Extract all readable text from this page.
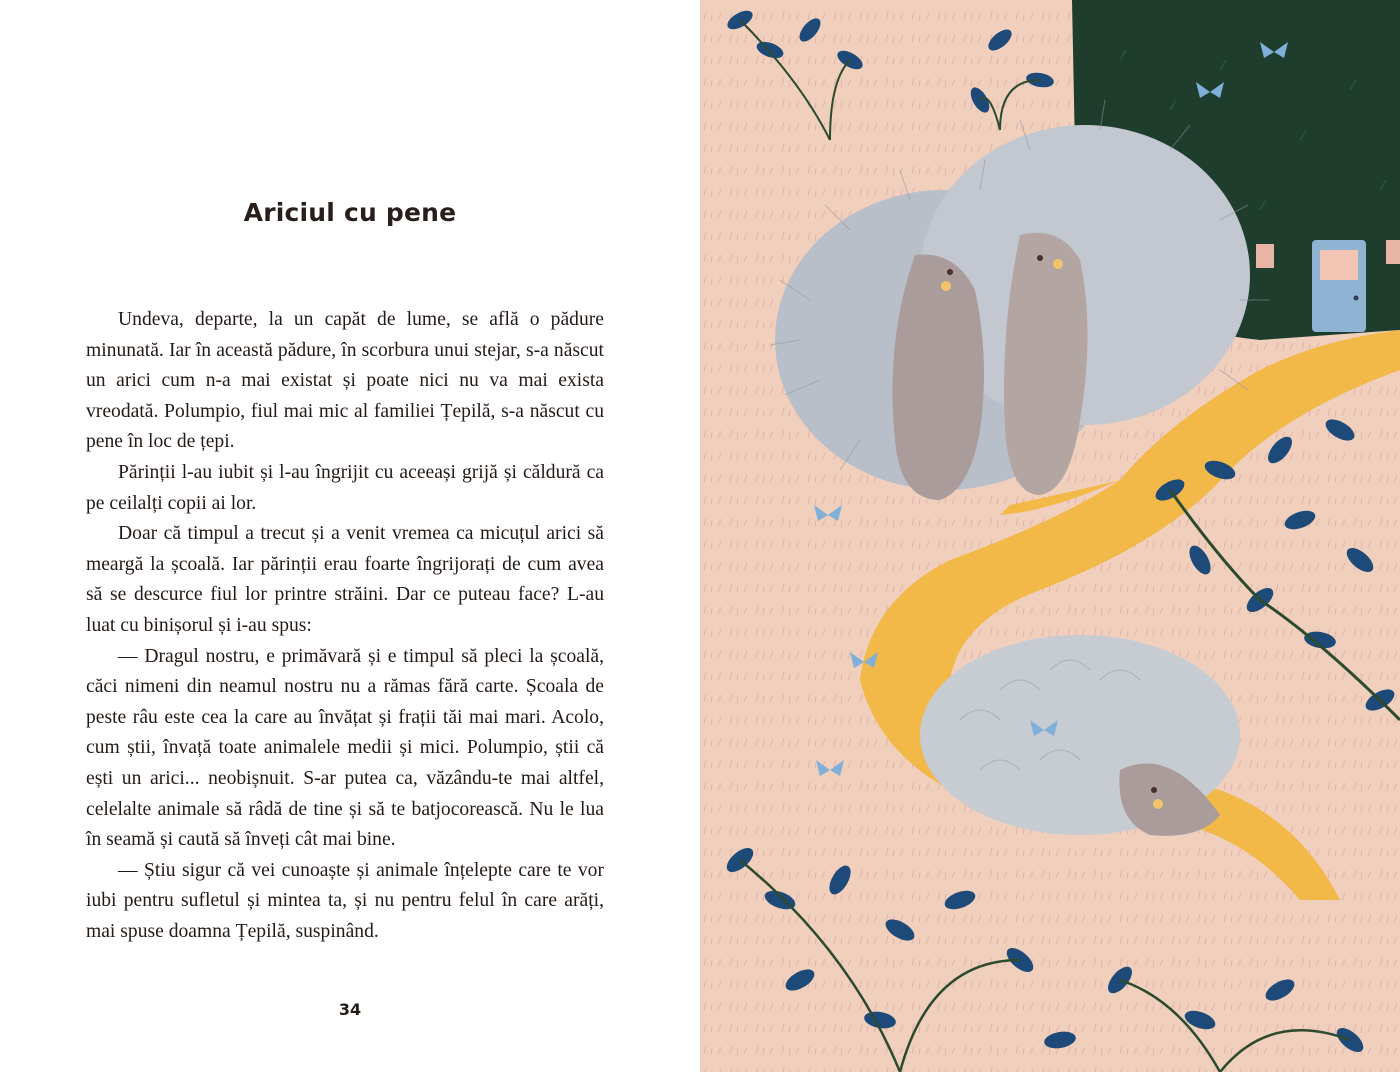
Ariciul cu pene

Undeva, departe, la un capăt de lume, se află o pădure minunată. Iar în această pădure, în scorbura unui stejar, s-a născut un arici cum n-a mai existat și poate nici nu va mai exista vreodată. Polumpio, fiul mai mic al familiei Țepilă, s-a născut cu pene în loc de țepi.

Părinții l-au iubit și l-au îngrijit cu aceeași grijă și căldură ca pe ceilalți copii ai lor.

Doar că timpul a trecut și a venit vremea ca micuțul arici să meargă la școală. Iar părinții erau foarte îngrijorați de cum avea să se descurce fiul lor printre străini. Dar ce puteau face? L-au luat cu binișorul și i-au spus:

— Dragul nostru, e primăvară și e timpul să pleci la școală, căci nimeni din neamul nostru nu a rămas fără carte. Școala de peste râu este cea la care au învățat și frații tăi mai mari. Acolo, cum știi, învață toate animalele medii și mici. Polumpio, știi că ești un arici... neobișnuit. S-ar putea ca, văzându-te mai altfel, celelalte animale să râdă de tine și să te batjocorească. Nu le lua în seamă și caută să înveți cât mai bine.

— Știu sigur că vei cunoaște și animale înțelepte care te vor iubi pentru sufletul și mintea ta, și nu pentru felul în care arăți, mai spuse doamna Țepilă, suspinând.

34
